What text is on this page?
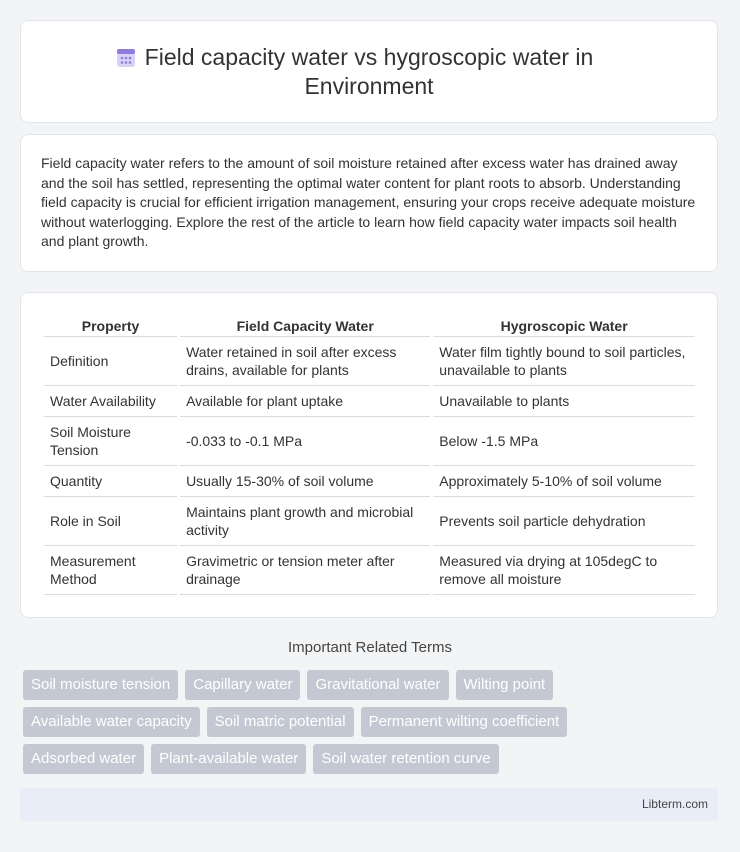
Field capacity water vs hygroscopic water in
Environment
Field capacity water refers to the amount of soil moisture retained after excess water has drained away and the soil has settled, representing the optimal water content for plant roots to absorb. Understanding field capacity is crucial for efficient irrigation management, ensuring your crops receive adequate moisture without waterlogging. Explore the rest of the article to learn how field capacity water impacts soil health and plant growth.
Property	Field Capacity Water	Hygroscopic Water
Definition	Water retained in soil after excess drains, available for plants	Water film tightly bound to soil particles, unavailable to plants
Water Availability	Available for plant uptake	Unavailable to plants
Soil Moisture Tension	-0.033 to -0.1 MPa	Below -1.5 MPa
Quantity	Usually 15-30% of soil volume	Approximately 5-10% of soil volume
Role in Soil	Maintains plant growth and microbial activity	Prevents soil particle dehydration
Measurement Method	Gravimetric or tension meter after drainage	Measured via drying at 105degC to remove all moisture
Important Related Terms
Soil moisture tension	Capillary water	Gravitational water	Wilting point
Available water capacity	Soil matric potential	Permanent wilting coefficient
Adsorbed water	Plant-available water	Soil water retention curve
Libterm.com
